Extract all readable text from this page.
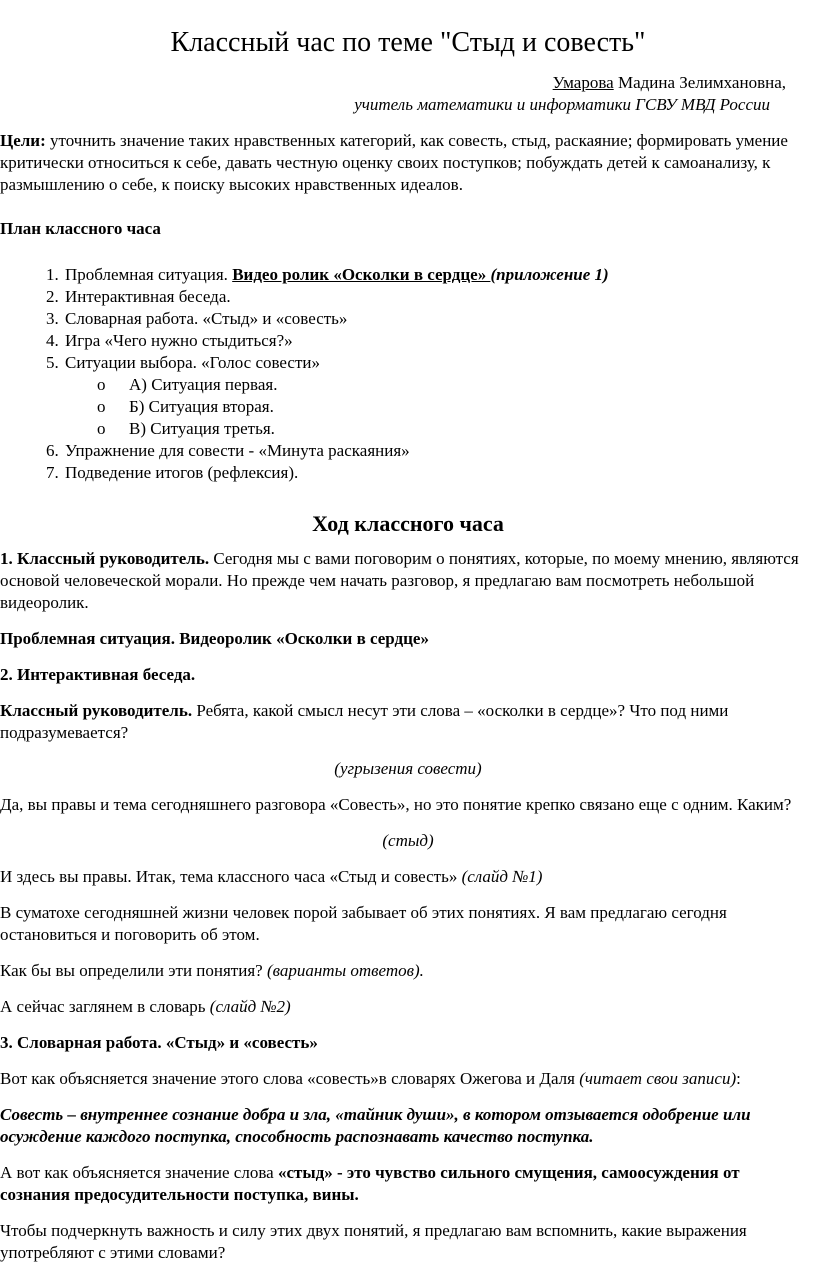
Классный час по теме "Стыд и совесть"
Умарова Мадина Зелимхановна,
учитель математики и информатики ГСВУ МВД России

Цели: уточнить значение таких нравственных категорий, как совесть, стыд, раскаяние; формировать умение критически относиться к себе, давать честную оценку своих поступков; побуждать детей к самоанализу, к размышлению о себе, к поиску высоких нравственных идеалов.

План классного часа

1. Проблемная ситуация. Видео ролик «Осколки в сердце» (приложение 1)
2. Интерактивная беседа.
3. Словарная работа. «Стыд» и «совесть»
4. Игра «Чего нужно стыдиться?»
5. Ситуации выбора. «Голос совести»
o А) Ситуация первая.
o Б) Ситуация вторая.
o В) Ситуация третья.
6. Упражнение для совести - «Минута раскаяния»
7. Подведение итогов (рефлексия).
Ход классного часа

1. Классный руководитель. Сегодня мы с вами поговорим о понятиях, которые, по моему мнению, являются основой человеческой морали. Но прежде чем начать разговор, я предлагаю вам посмотреть небольшой видеоролик.

Проблемная ситуация. Видеоролик «Осколки в сердце»

2. Интерактивная беседа.

Классный руководитель. Ребята, какой смысл несут эти слова – «осколки в сердце»? Что под ними подразумевается?

(угрызения совести)

Да, вы правы и тема сегодняшнего разговора «Совесть», но это понятие крепко связано еще с одним. Каким?

(стыд)

И здесь вы правы. Итак, тема классного часа «Стыд и совесть» (слайд №1)

В суматохе сегодняшней жизни человек порой забывает об этих понятиях. Я вам предлагаю сегодня остановиться и поговорить об этом.

Как бы вы определили эти понятия? (варианты ответов).

А сейчас заглянем в словарь (слайд №2)

3. Словарная работа. «Стыд» и «совесть»

Вот как объясняется значение этого слова «совесть»в словарях Ожегова и Даля (читает свои записи):

Совесть – внутреннее сознание добра и зла, «тайник души», в котором отзывается одобрение или осуждение каждого поступка, способность распознавать качество поступка.

А вот как объясняется значение слова «стыд» - это чувство сильного смущения, самоосуждения от сознания предосудительности поступка, вины.

Чтобы подчеркнуть важность и силу этих двух понятий, я предлагаю вам вспомнить, какие выражения употребляют с этими словами?
